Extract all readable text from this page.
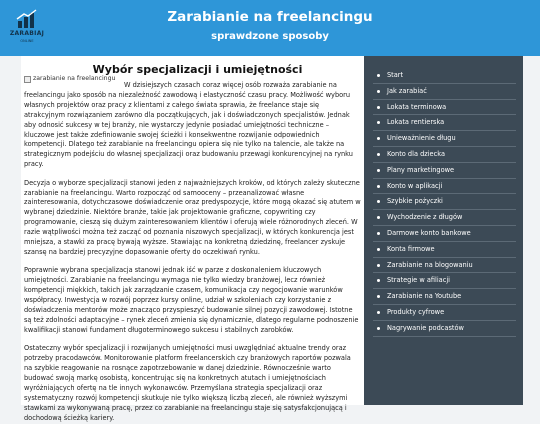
ZARABIAJ
ONLINE
Zarabianie na freelancingu
sprawdzone sposoby
Wybór specjalizacji i umiejętności
zarabianie na freelancingu

W dzisiejszych czasach coraz więcej osób rozważa zarabianie na freelancingu jako sposób na niezależność zawodową i elastyczność czasu pracy. Możliwość wyboru własnych projektów oraz pracy z klientami z całego świata sprawia, że freelance staje się atrakcyjnym rozwiązaniem zarówno dla początkujących, jak i doświadczonych specjalistów. Jednak aby odnosić sukcesy w tej branży, nie wystarczy jedynie posiadać umiejętności techniczne – kluczowe jest także zdefiniowanie swojej ścieżki i konsekwentne rozwijanie odpowiednich kompetencji. Dlatego też zarabianie na freelancingu opiera się nie tylko na talencie, ale także na strategicznym podejściu do własnej specjalizacji oraz budowaniu przewagi konkurencyjnej na rynku pracy.

Decyzja o wyborze specjalizacji stanowi jeden z najważniejszych kroków, od których zależy skuteczne zarabianie na freelancingu. Warto rozpocząć od samooceny – przeanalizować własne zainteresowania, dotychczasowe doświadczenie oraz predyspozycje, które mogą okazać się atutem w wybranej dziedzinie. Niektóre branże, takie jak projektowanie graficzne, copywriting czy programowanie, cieszą się dużym zainteresowaniem klientów i oferują wiele różnorodnych zleceń. W razie wątpliwości można też zacząć od poznania niszowych specjalizacji, w których konkurencja jest mniejsza, a stawki za pracę bywają wyższe. Stawiając na konkretną dziedzinę, freelancer zyskuje szansę na bardziej precyzyjne dopasowanie oferty do oczekiwań rynku.

Poprawnie wybrana specjalizacja stanowi jednak iść w parze z doskonaleniem kluczowych umiejętności. Zarabianie na freelancingu wymaga nie tylko wiedzy branżowej, lecz również kompetencji miękkich, takich jak zarządzanie czasem, komunikacja czy negocjowanie warunków współpracy. Inwestycja w rozwój poprzez kursy online, udział w szkoleniach czy korzystanie z doświadczenia mentorów może znacząco przyspieszyć budowanie silnej pozycji zawodowej. Istotne są też zdolności adaptacyjne – rynek zleceń zmienia się dynamicznie, dlatego regularne podnoszenie kwalifikacji stanowi fundament długoterminowego sukcesu i stabilnych zarobków.

Ostateczny wybór specjalizacji i rozwijanych umiejętności musi uwzględniać aktualne trendy oraz potrzeby pracodawców. Monitorowanie platform freelancerskich czy branżowych raportów pozwala na szybkie reagowanie na rosnące zapotrzebowanie w danej dziedzinie. Równocześnie warto budować swoją markę osobistą, koncentrując się na konkretnych atutach i umiejętnościach wyróżniających ofertę na tle innych wykonawców. Przemyślana strategia specjalizacji oraz systematyczny rozwój kompetencji skutkuje nie tylko większą liczbą zleceń, ale również wyższymi stawkami za wykonywaną pracę, przez co zarabianie na freelancingu staje się satysfakcjonującą i dochodową ścieżką kariery.

Start
Jak zarabiać
Lokata terminowa
Lokata rentierska
Unieważnienie długu
Konto dla dziecka
Plany marketingowe
Konto w aplikacji
Szybkie pożyczki
Wychodzenie z długów
Darmowe konto bankowe
Konta firmowe
Zarabianie na blogowaniu
Strategie w afiliacji
Zarabianie na Youtube
Produkty cyfrowe
Nagrywanie podcastów
